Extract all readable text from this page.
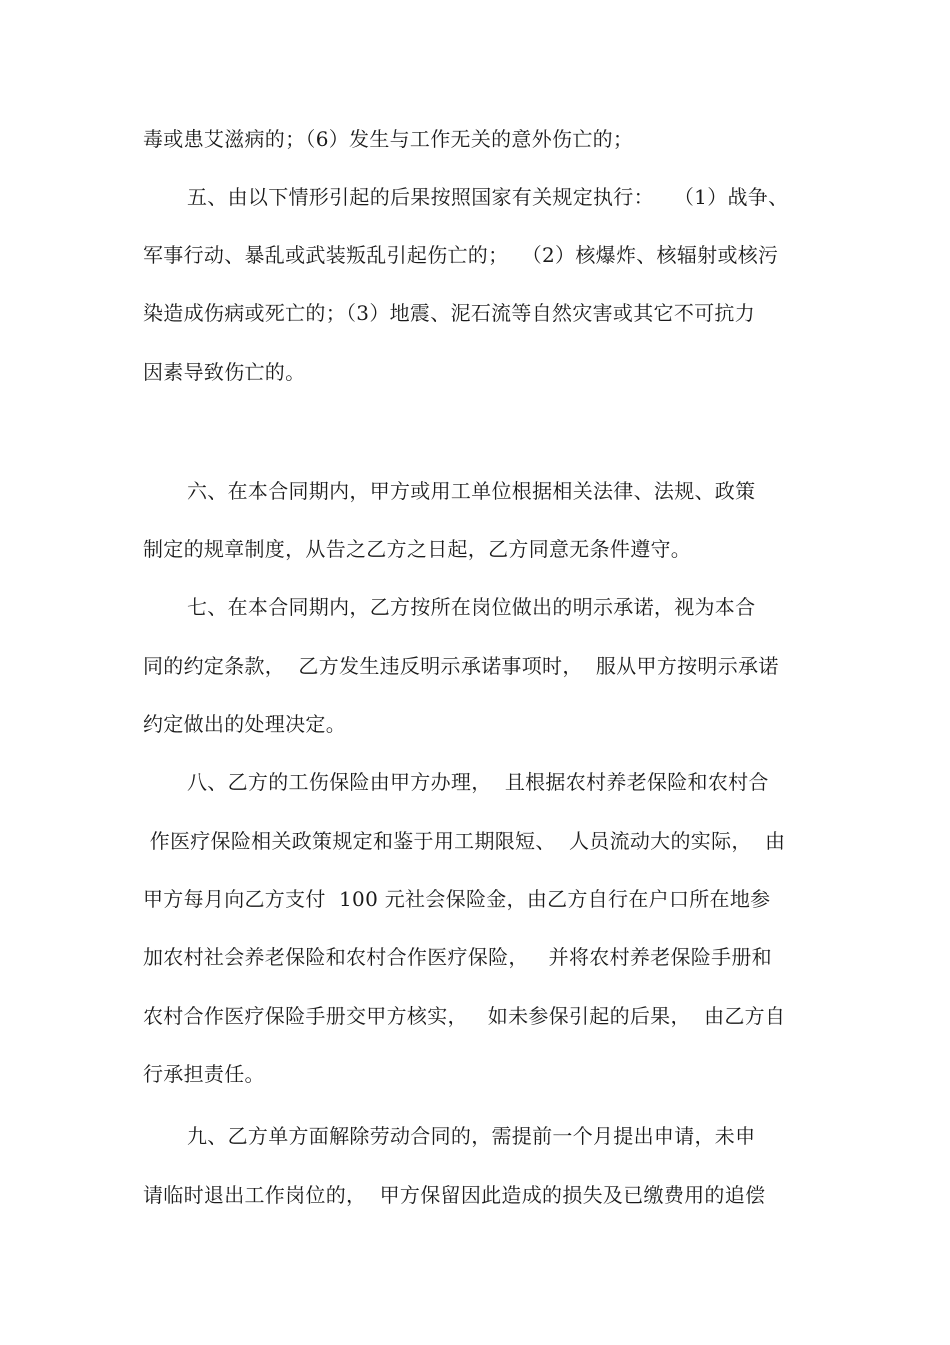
毒或患艾滋病的；（6）发生与工作无关的意外伤亡的；
五、由以下情形引起的后果按照国家有关规定执行：   （1）战争、
军事行动、暴乱或武装叛乱引起伤亡的；  （2）核爆炸、核辐射或核污
染造成伤病或死亡的；（3）地震、泥石流等自然灾害或其它不可抗力
因素导致伤亡的。
六、在本合同期内，甲方或用工单位根据相关法律、法规、政策
制定的规章制度，从告之乙方之日起，乙方同意无条件遵守。
七、在本合同期内，乙方按所在岗位做出的明示承诺，视为本合
同的约定条款，  乙方发生违反明示承诺事项时，  服从甲方按明示承诺
约定做出的处理决定。
八、乙方的工伤保险由甲方办理，  且根据农村养老保险和农村合
作医疗保险相关政策规定和鉴于用工期限短、  人员流动大的实际，  由
甲方每月向乙方支付  100 元社会保险金，由乙方自行在户口所在地参
加农村社会养老保险和农村合作医疗保险，   并将农村养老保险手册和
农村合作医疗保险手册交甲方核实，   如未参保引起的后果，  由乙方自
行承担责任。
九、乙方单方面解除劳动合同的，需提前一个月提出申请，未申
请临时退出工作岗位的，  甲方保留因此造成的损失及已缴费用的追偿
